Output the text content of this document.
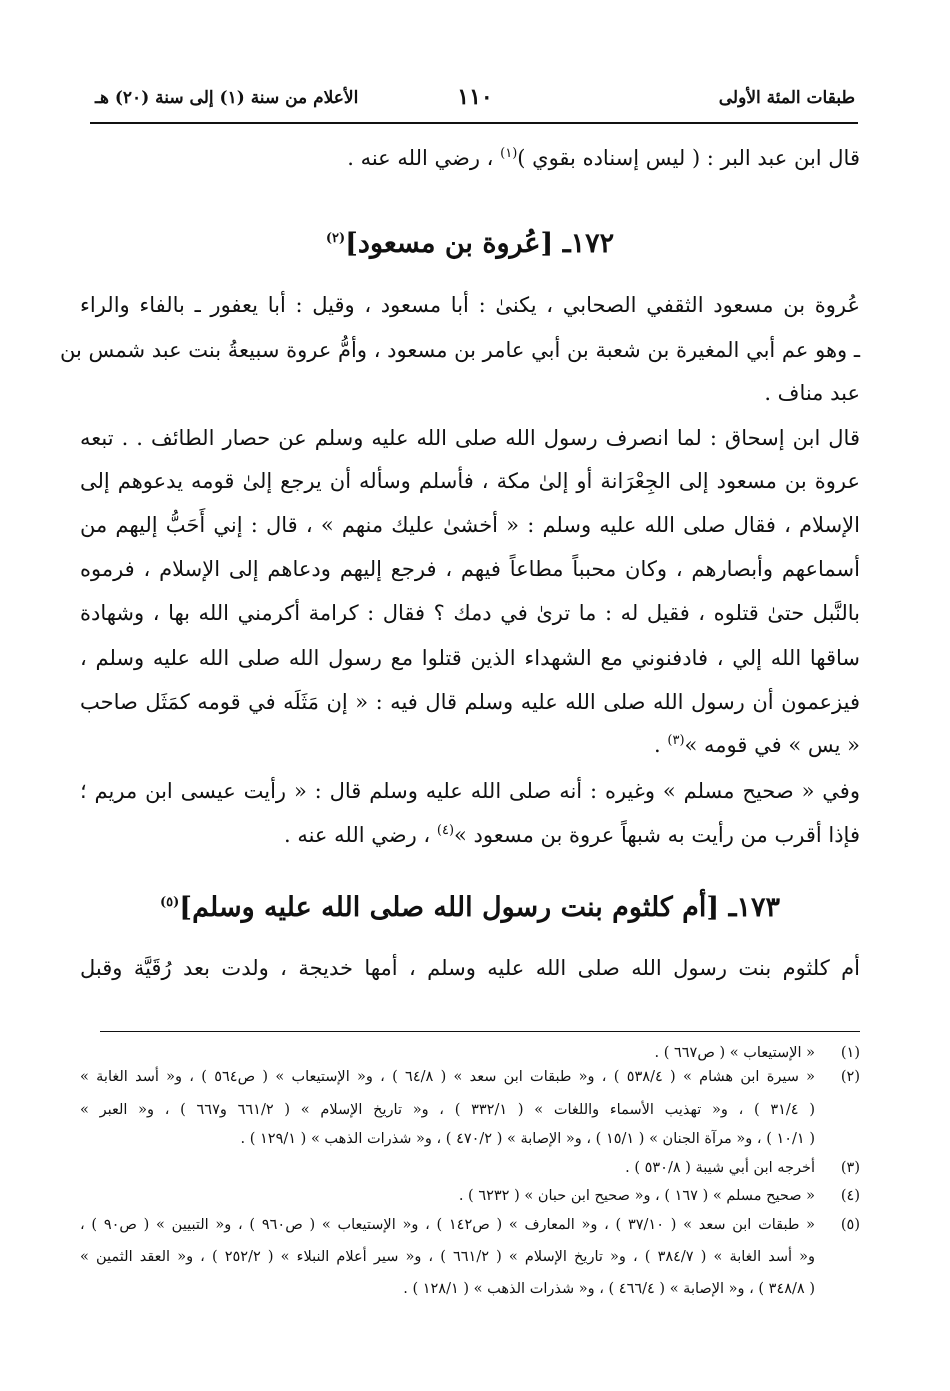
طبقات المئة الأولى
١١٠
الأعلام من سنة (١) إلى سنة (٢٠) هـ
قال ابن عبد البر : ( ليس إسناده بقوي )$^{(١)}$ ، رضي الله عنه .
١٧٢ـ [عُروة بن مسعود]$^{(٢)}$
عُروة بن مسعود الثقفي الصحابي ، يكنىٰ : أبا مسعود ، وقيل : أبا يعفور ـ بالفاء والراء
ـ وهو عم أبي المغيرة بن شعبة بن أبي عامر بن مسعود ، وأمُّ عروة سبيعةُ بنت عبد شمس بن
عبد مناف .
قال ابن إسحاق : لما انصرف رسول الله صلى الله عليه وسلم عن حصار الطائف . . تبعه
عروة بن مسعود إلى الجِعْرَانة أو إلىٰ مكة ، فأسلم وسأله أن يرجع إلىٰ قومه يدعوهم إلى
الإسلام ، فقال صلى الله عليه وسلم : « أخشىٰ عليك منهم » ، قال : إني أَحَبُّ إليهم من
أسماعهم وأبصارهم ، وكان محبباً مطاعاً فيهم ، فرجع إليهم ودعاهم إلى الإسلام ، فرموه
بالنَّبل حتىٰ قتلوه ، فقيل له : ما ترىٰ في دمك ؟ فقال : كرامة أكرمني الله بها ، وشهادة
ساقها الله إلي ، فادفنوني مع الشهداء الذين قتلوا مع رسول الله صلى الله عليه وسلم ،
فيزعمون أن رسول الله صلى الله عليه وسلم قال فيه : « إن مَثَلَه في قومه كمَثَل صاحب
« يس » في قومه »$^{(٣)}$ .
وفي « صحيح مسلم » وغيره : أنه صلى الله عليه وسلم قال : « رأيت عيسى ابن مريم ؛
فإذا أقرب من رأيت به شبهاً عروة بن مسعود »$^{(٤)}$ ، رضي الله عنه .
١٧٣ـ [أم كلثوم بنت رسول الله صلى الله عليه وسلم]$^{(٥)}$
أم كلثوم بنت رسول الله صلى الله عليه وسلم ، أمها خديجة ، ولدت بعد رُقَيَّة وقبل
(١)
« الإستيعاب » ( ص٦٦٧ ) .
(٢)
« سيرة ابن هشام » ( ٥٣٨/٤ ) ، و« طبقات ابن سعد » ( ٦٤/٨ ) ، و« الإستيعاب » ( ص٥٦٤ ) ، و« أسد الغابة »
( ٣١/٤ ) ، و« تهذيب الأسماء واللغات » ( ٣٣٢/١ ) ، و« تاريخ الإسلام » ( ٦٦١/٢ و٦٦٧ ) ، و« العبر »
( ١٠/١ ) ، و« مرآة الجنان » ( ١٥/١ ) ، و« الإصابة » ( ٤٧٠/٢ ) ، و« شذرات الذهب » ( ١٢٩/١ ) .
(٣)
أخرجه ابن أبي شيبة ( ٥٣٠/٨ ) .
(٤)
« صحيح مسلم » ( ١٦٧ ) ، و« صحيح ابن حبان » ( ٦٢٣٢ ) .
(٥)
« طبقات ابن سعد » ( ٣٧/١٠ ) ، و« المعارف » ( ص١٤٢ ) ، و« الإستيعاب » ( ص٩٦٠ ) ، و« التبيين » ( ص٩٠ ) ،
و« أسد الغابة » ( ٣٨٤/٧ ) ، و« تاريخ الإسلام » ( ٦٦١/٢ ) ، و« سير أعلام النبلاء » ( ٢٥٢/٢ ) ، و« العقد الثمين »
( ٣٤٨/٨ ) ، و« الإصابة » ( ٤٦٦/٤ ) ، و« شذرات الذهب » ( ١٢٨/١ ) .
